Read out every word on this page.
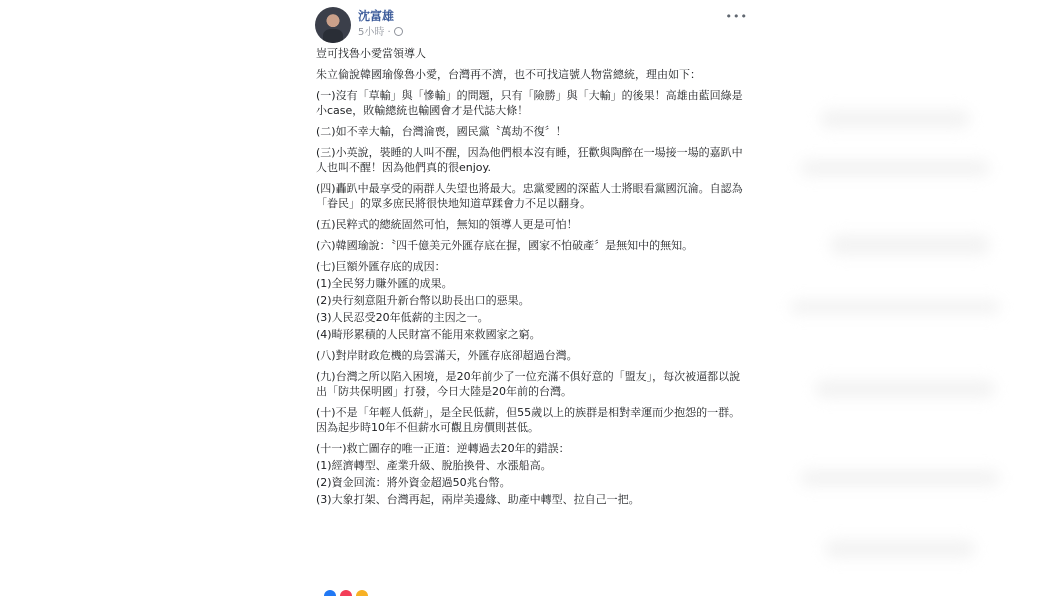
沈富雄
5小時 ·
•••
豈可找魯小愛當領導人
朱立倫說韓國瑜像魯小愛，台灣再不濟，也不可找這號人物當總統，理由如下：
(一)沒有「草輸」與「慘輸」的問題，只有「險勝」與「大輸」的後果！高雄由藍回綠是小case，敗輸總統也輸國會才是代誌大條！
(二)如不幸大輸，台灣淪喪，國民黨〝萬劫不復〞！
(三)小英說，裝睡的人叫不醒，因為他們根本沒有睡，狂歡與陶醉在一場接一場的嘉趴中人也叫不醒！因為他們真的很enjoy.
(四)轟趴中最享受的兩群人失望也將最大。忠黨愛國的深藍人士將眼看黨國沉淪。自認為「眷民」的眾多庶民將很快地知道草蹂會力不足以翻身。
(五)民粹式的總統固然可怕，無知的領導人更是可怕！
(六)韓國瑜說：〝四千億美元外匯存底在握，國家不怕破產〞是無知中的無知。
(七)巨額外匯存底的成因：
(1)全民努力賺外匯的成果。
(2)央行刻意阻升新台幣以助長出口的惡果。
(3)人民忍受20年低薪的主因之一。
(4)畸形累積的人民財富不能用來救國家之窮。
(八)對岸財政危機的烏雲滿天，外匯存底卻超過台灣。
(九)台灣之所以陷入困境，是20年前少了一位充滿不俱好意的「盟友」，每次被逼都以說出「防共保明國」打發，今日大陸是20年前的台灣。
(十)不是「年輕人低薪」，是全民低薪，但55歲以上的族群是相對幸運而少抱怨的一群。因為起步時10年不但薪水可觀且房價則甚低。
(十一)救亡圖存的唯一正道：逆轉過去20年的錯誤：
(1)經濟轉型、產業升級、脫胎換骨、水漲船高。
(2)資金回流：將外資金超過50兆台幣。
(3)大象打架、台灣再起，兩岸美邊緣、助產中轉型、拉自己一把。
